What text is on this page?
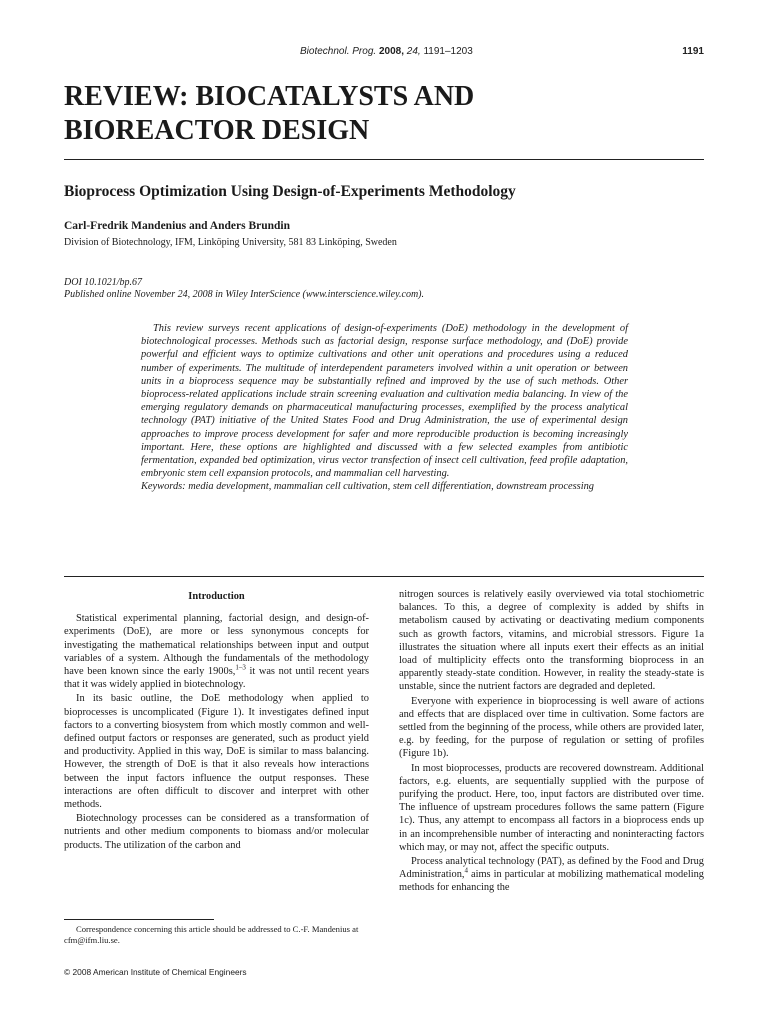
Biotechnol. Prog. 2008, 24, 1191–1203	1191
REVIEW: BIOCATALYSTS AND
BIOREACTOR DESIGN
Bioprocess Optimization Using Design-of-Experiments Methodology
Carl-Fredrik Mandenius and Anders Brundin
Division of Biotechnology, IFM, Linköping University, 581 83 Linköping, Sweden
DOI 10.1021/bp.67
Published online November 24, 2008 in Wiley InterScience (www.interscience.wiley.com).

This review surveys recent applications of design-of-experiments (DoE) methodology in the development of biotechnological processes. Methods such as factorial design, response surface methodology, and (DoE) provide powerful and efficient ways to optimize cultivations and other unit operations and procedures using a reduced number of experiments. The multitude of interdependent parameters involved within a unit operation or between units in a bioprocess sequence may be substantially refined and improved by the use of such methods. Other bioprocess-related applications include strain screening evaluation and cultivation media balancing. In view of the emerging regulatory demands on pharmaceutical manufacturing processes, exemplified by the process analytical technology (PAT) initiative of the United States Food and Drug Administration, the use of experimental design approaches to improve process development for safer and more reproducible production is becoming increasingly important. Here, these options are highlighted and discussed with a few selected examples from antibiotic fermentation, expanded bed optimization, virus vector transfection of insect cell cultivation, feed profile adaptation, embryonic stem cell expansion protocols, and mammalian cell harvesting.

Keywords: media development, mammalian cell cultivation, stem cell differentiation, downstream processing

Introduction

Statistical experimental planning, factorial design, and design-of-experiments (DoE), are more or less synonymous concepts for investigating the mathematical relationships between input and output variables of a system. Although the fundamentals of the methodology have been known since the early 1900s,$^{1-3}$ it was not until recent years that it was widely applied in biotechnology.

In its basic outline, the DoE methodology when applied to bioprocesses is uncomplicated (Figure 1). It investigates defined input factors to a converting biosystem from which mostly common and well-defined output factors or responses are generated, such as product yield and productivity. Applied in this way, DoE is similar to mass balancing. However, the strength of DoE is that it also reveals how interactions between the input factors influence the output responses. These interactions are often difficult to discover and interpret with other methods.

Biotechnology processes can be considered as a transformation of nutrients and other medium components to biomass and/or molecular products. The utilization of the carbon and

nitrogen sources is relatively easily overviewed via total stochiometric balances. To this, a degree of complexity is added by shifts in metabolism caused by activating or deactivating medium components such as growth factors, vitamins, and microbial stressors. Figure 1a illustrates the situation where all inputs exert their effects as an initial load of multiplicity effects onto the transforming bioprocess in an apparently steady-state condition. However, in reality the steady-state is unstable, since the nutrient factors are degraded and depleted.

Everyone with experience in bioprocessing is well aware of actions and effects that are displaced over time in cultivation. Some factors are settled from the beginning of the process, while others are provided later, e.g. by feeding, for the purpose of regulation or setting of profiles (Figure 1b).

In most bioprocesses, products are recovered downstream. Additional factors, e.g. eluents, are sequentially supplied with the purpose of purifying the product. Here, too, input factors are distributed over time. The influence of upstream procedures follows the same pattern (Figure 1c). Thus, any attempt to encompass all factors in a bioprocess ends up in an incomprehensible number of interacting and noninteracting factors which may, or may not, affect the specific outputs.

Process analytical technology (PAT), as defined by the Food and Drug Administration,$^4$ aims in particular at mobilizing mathematical modeling methods for enhancing the

Correspondence concerning this article should be addressed to C.-F. Mandenius at cfm@ifm.liu.se.

© 2008 American Institute of Chemical Engineers
